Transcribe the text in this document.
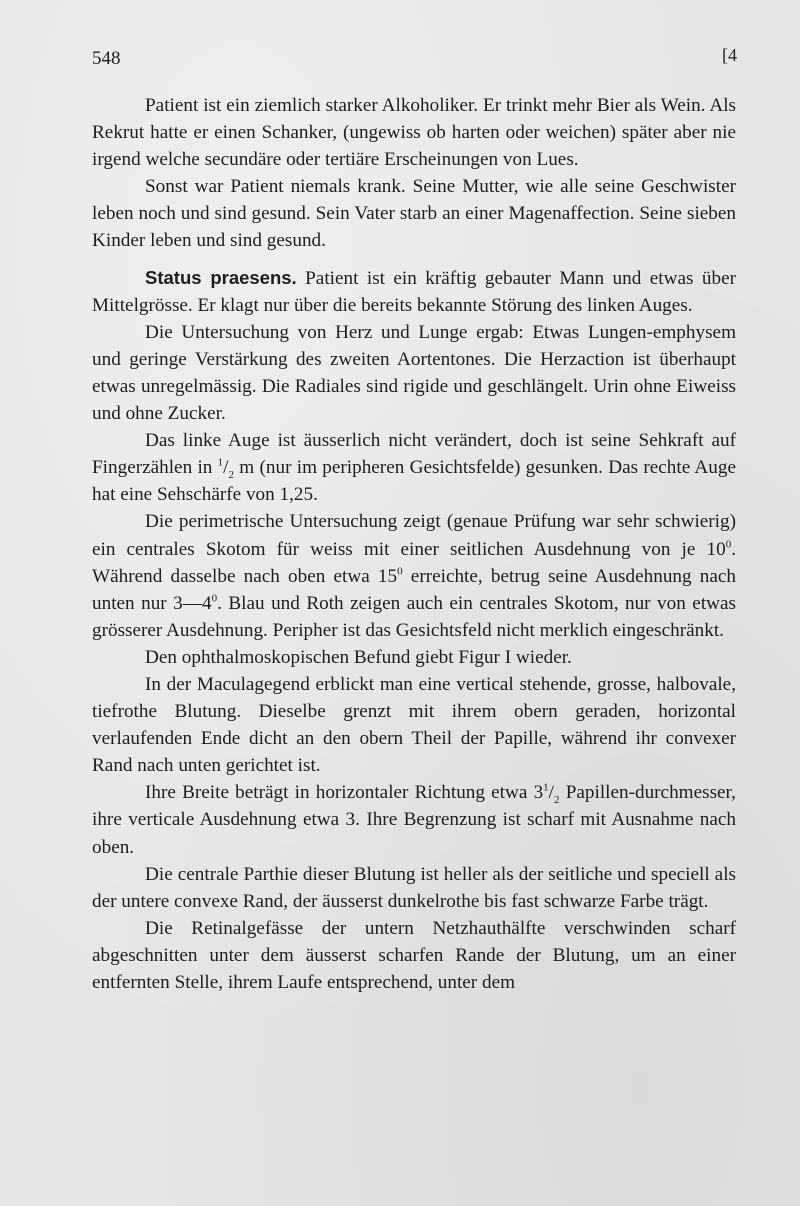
548	[4

Patient ist ein ziemlich starker Alkoholiker. Er trinkt mehr Bier als Wein. Als Rekrut hatte er einen Schanker, (ungewiss ob harten oder weichen) später aber nie irgend welche secundäre oder tertiäre Erscheinungen von Lues.

Sonst war Patient niemals krank. Seine Mutter, wie alle seine Geschwister leben noch und sind gesund. Sein Vater starb an einer Magenaffection. Seine sieben Kinder leben und sind gesund.

Status praesens. Patient ist ein kräftig gebauter Mann und etwas über Mittelgrösse. Er klagt nur über die bereits bekannte Störung des linken Auges.

Die Untersuchung von Herz und Lunge ergab: Etwas Lungen-emphysem und geringe Verstärkung des zweiten Aortentones. Die Herzaction ist überhaupt etwas unregelmässig. Die Radiales sind rigide und geschlängelt. Urin ohne Eiweiss und ohne Zucker.

Das linke Auge ist äusserlich nicht verändert, doch ist seine Sehkraft auf Fingerzählen in $^1/_2$ m (nur im peripheren Gesichtsfelde) gesunken. Das rechte Auge hat eine Sehschärfe von 1,25.

Die perimetrische Untersuchung zeigt (genaue Prüfung war sehr schwierig) ein centrales Skotom für weiss mit einer seitlichen Ausdehnung von je $10^0$. Während dasselbe nach oben etwa $15^0$ erreichte, betrug seine Ausdehnung nach unten nur $3—4^0$. Blau und Roth zeigen auch ein centrales Skotom, nur von etwas grösserer Ausdehnung. Peripher ist das Gesichtsfeld nicht merklich eingeschränkt.

Den ophthalmoskopischen Befund giebt Figur I wieder.

In der Maculagegend erblickt man eine vertical stehende, grosse, halbovale, tiefrothe Blutung. Dieselbe grenzt mit ihrem obern geraden, horizontal verlaufenden Ende dicht an den obern Theil der Papille, während ihr convexer Rand nach unten gerichtet ist.

Ihre Breite beträgt in horizontaler Richtung etwa $3^1/_2$ Papillen-durchmesser, ihre verticale Ausdehnung etwa 3. Ihre Begrenzung ist scharf mit Ausnahme nach oben.

Die centrale Parthie dieser Blutung ist heller als der seitliche und speciell als der untere convexe Rand, der äusserst dunkelrothe bis fast schwarze Farbe trägt.

Die Retinalgefässe der untern Netzhauthälfte verschwinden scharf abgeschnitten unter dem äusserst scharfen Rande der Blutung, um an einer entfernten Stelle, ihrem Laufe entsprechend, unter dem
